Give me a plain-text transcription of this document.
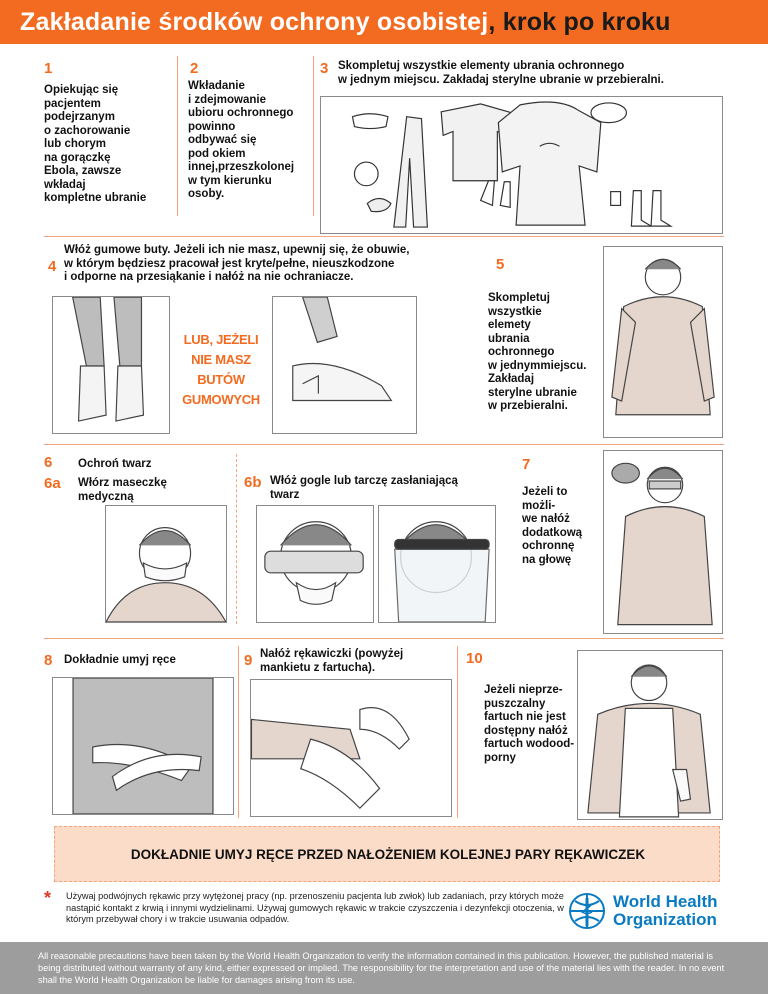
Zakładanie środków ochrony osobistej, krok po kroku
1
Opiekując się
pacjentem
podejrzanym
o zachorowanie
lub chorym
na gorączkę
Ebola, zawsze
wkładaj
kompletne ubranie
2
Wkładanie
i zdejmowanie
ubioru ochronnego
powinno
odbywać się
pod okiem
innej,przeszkolonej
w tym kierunku
osoby.
3 Skompletuj wszystkie elementy ubrania ochronnego
w jednym miejscu. Zakładaj sterylne ubranie w przebieralni.
4
Włóż gumowe buty. Jeżeli ich nie masz, upewnij się, że obuwie,
w którym będziesz pracował jest kryte/pełne, nieuszkodzone
i odporne na przesiąkanie i nałóż na nie ochraniacze.
LUB, JEŻELI
NIE MASZ
BUTÓW
GUMOWYCH
5
Skompletuj
wszystkie
elemety
ubrania
ochronnego
w jednymmiejscu.
Zakładaj
sterylne ubranie
w przebieralni.
6 Ochroń twarz
6a Włórz maseczkę
medyczną
6b Włóż gogle lub tarczę zasłaniającą
twarz
7
Jeżeli to
możli-
we nałóż
dodatkową
ochronnę
na głowę
8 Dokładnie umyj ręce	9 Nałóż rękawiczki (powyżej
mankietu z fartucha).
10
Jeżeli nieprze-
puszczalny
fartuch nie jest
dostępny nałóż
fartuch wodood-
porny
DOKŁADNIE UMYJ RĘCE PRZED NAŁOŻENIEM KOLEJNEJ PARY RĘKAWICZEK
* Używaj podwójnych rękawic przy wytężonej pracy (np. przenoszeniu pacjenta lub zwłok) lub zadaniach, przy których może nastąpić kontakt z krwią i innymi wydzielinami. Używaj gumowych rękawic w trakcie czyszczenia i dezynfekcji otoczenia, w którym przebywał chory i w trakcie usuwania odpadów.
World Health
Organization
All reasonable precautions have been taken by the World Health Organization to verify the information contained in this publication. However, the published material is being distributed without warranty of any kind, either expressed or implied. The responsibility for the interpretation and use of the material lies with the reader. In no event shall the World Health Organization be liable for damages arising from its use.
